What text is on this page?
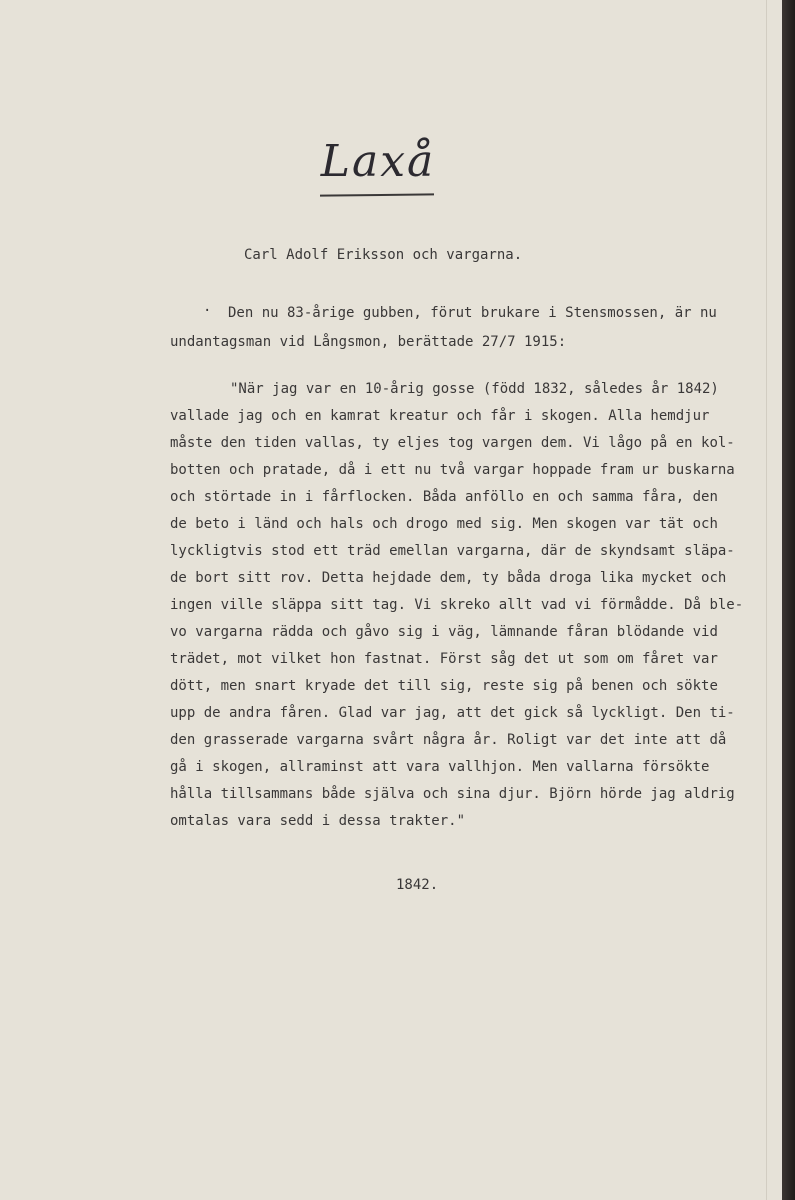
Laxå
Carl Adolf Eriksson och vargarna.
· Den nu 83-årige gubben, förut brukare i Stensmossen, är nu
undantagsman vid Långsmon, berättade 27/7 1915:
"När jag var en 10-årig gosse (född 1832, således år 1842)
vallade jag och en kamrat kreatur och får i skogen. Alla hemdjur
måste den tiden vallas, ty eljes tog vargen dem. Vi lågo på en kol-
botten och pratade, då i ett nu två vargar hoppade fram ur buskarna
och störtade in i fårflocken. Båda anföllo en och samma fåra, den
de beto i länd och hals och drogo med sig. Men skogen var tät och
lyckligtvis stod ett träd emellan vargarna, där de skyndsamt släpa-
de bort sitt rov. Detta hejdade dem, ty båda droga lika mycket och
ingen ville släppa sitt tag. Vi skreko allt vad vi förmådde. Då ble-
vo vargarna rädda och gåvo sig i väg, lämnande fåran blödande vid
trädet, mot vilket hon fastnat. Först såg det ut som om fåret var
dött, men snart kryade det till sig, reste sig på benen och sökte
upp de andra fåren. Glad var jag, att det gick så lyckligt. Den ti-
den grasserade vargarna svårt några år. Roligt var det inte att då
gå i skogen, allraminst att vara vallhjon. Men vallarna försökte
hålla tillsammans både själva och sina djur. Björn hörde jag aldrig
omtalas vara sedd i dessa trakter."
1842.
